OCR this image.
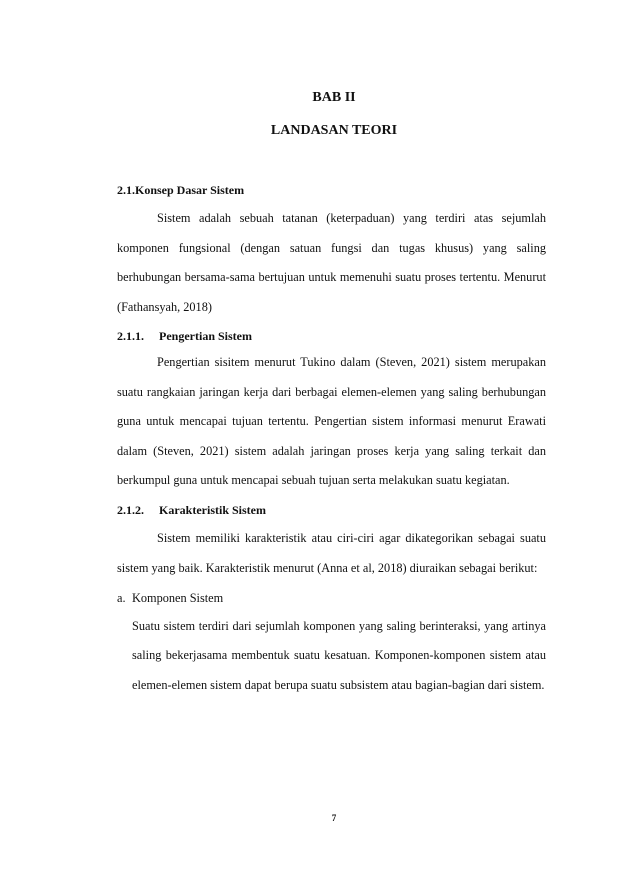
BAB II
LANDASAN TEORI
2.1.Konsep Dasar Sistem

Sistem adalah sebuah tatanan (keterpaduan) yang terdiri atas sejumlah komponen fungsional (dengan satuan fungsi dan tugas khusus) yang saling berhubungan bersama-sama bertujuan untuk memenuhi suatu proses tertentu. Menurut (Fathansyah, 2018)

2.1.1. Pengertian Sistem

Pengertian sisitem menurut Tukino dalam (Steven, 2021) sistem merupakan suatu rangkaian jaringan kerja dari berbagai elemen-elemen yang saling berhubungan guna untuk mencapai tujuan tertentu. Pengertian sistem informasi menurut Erawati dalam (Steven, 2021) sistem adalah jaringan proses kerja yang saling terkait dan berkumpul guna untuk mencapai sebuah tujuan serta melakukan suatu kegiatan.

2.1.2. Karakteristik Sistem

Sistem memiliki karakteristik atau ciri-ciri agar dikategorikan sebagai suatu sistem yang baik. Karakteristik menurut (Anna et al, 2018) diuraikan sebagai berikut:

a. Komponen Sistem

Suatu sistem terdiri dari sejumlah komponen yang saling berinteraksi, yang artinya saling bekerjasama membentuk suatu kesatuan. Komponen-komponen sistem atau elemen-elemen sistem dapat berupa suatu subsistem atau bagian-bagian dari sistem.

7
